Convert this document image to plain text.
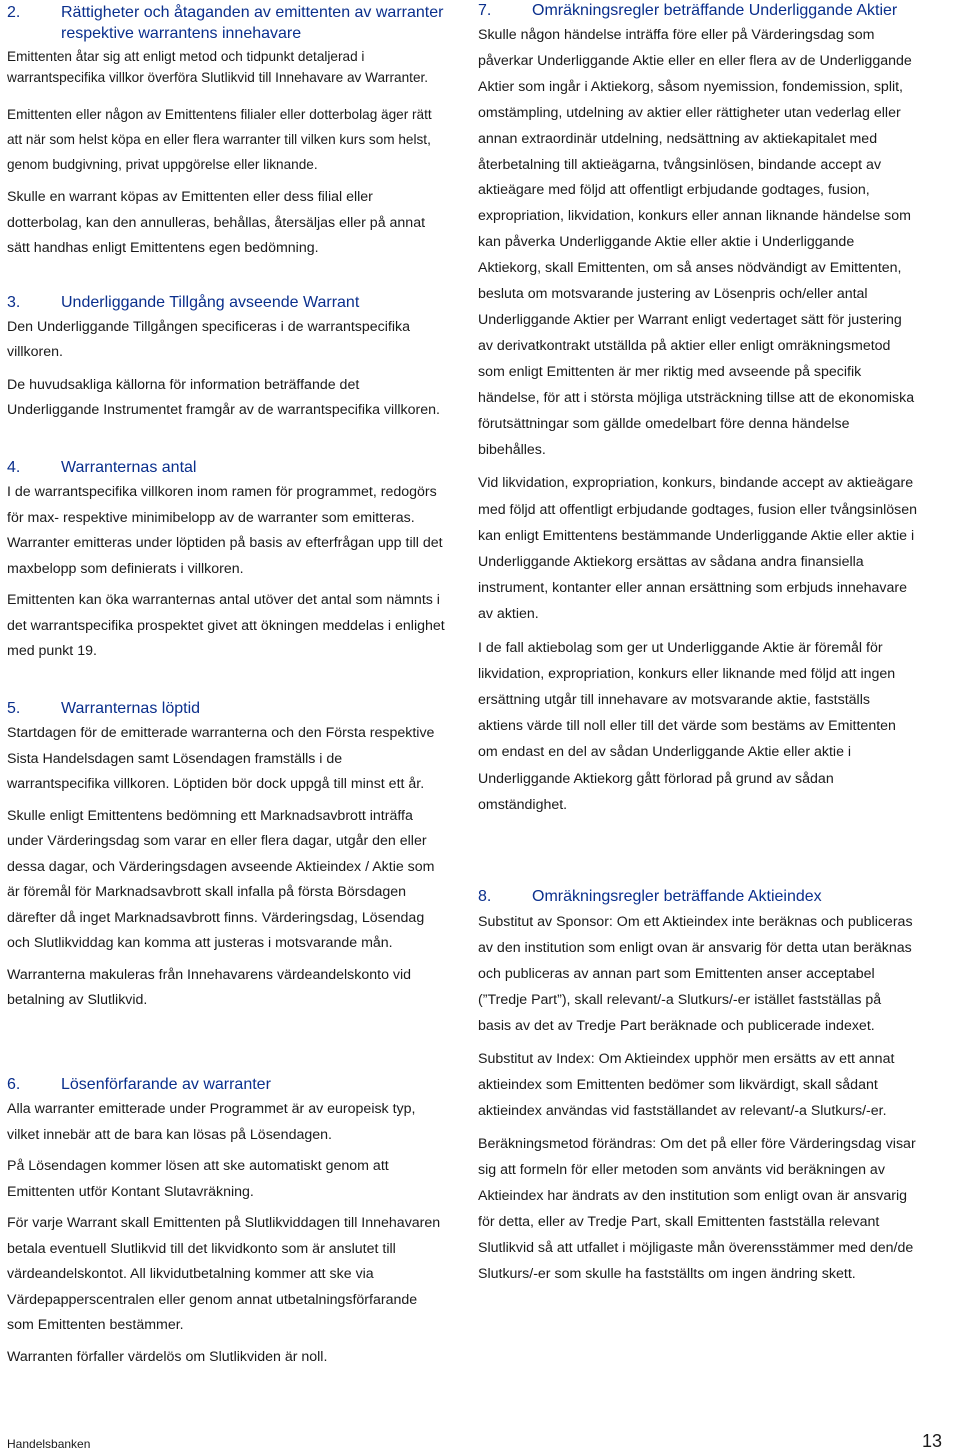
2.	Rättigheter och åtaganden av emittenten av warranter respektive warrantens innehavare

Emittenten åtar sig att enligt metod och tidpunkt detaljerad i warrantspecifika villkor överföra Slutlikvid till Innehavare av Warranter.

Emittenten eller någon av Emittentens filialer eller dotterbolag äger rätt att när som helst köpa en eller flera warranter till vilken kurs som helst, genom budgivning, privat uppgörelse eller liknande.

Skulle en warrant köpas av Emittenten eller dess filial eller dotterbolag, kan den annulleras, behållas, återsäljas eller på annat sätt handhas enligt Emittentens egen bedömning.

3.	Underliggande Tillgång avseende Warrant

Den Underliggande Tillgången specificeras i de warrantspecifika villkoren.

De huvudsakliga källorna för information beträffande det Underliggande Instrumentet framgår av de warrantspecifika villkoren.

4.	Warranternas antal

I de warrantspecifika villkoren inom ramen för programmet, redogörs för max- respektive minimibelopp av de warranter som emitteras. Warranter emitteras under löptiden på basis av efterfrågan upp till det maxbelopp som definierats i villkoren.

Emittenten kan öka warranternas antal utöver det antal som nämnts i det warrantspecifika prospektet givet att ökningen meddelas i enlighet med punkt 19.

5.	Warranternas löptid

Startdagen för de emitterade warranterna och den Första respektive Sista Handelsdagen samt Lösendagen framställs i de warrantspecifika villkoren. Löptiden bör dock uppgå till minst ett år.

Skulle enligt Emittentens bedömning ett Marknadsavbrott inträffa under Värderingsdag som varar en eller flera dagar, utgår den eller dessa dagar, och Värderingsdagen avseende Aktieindex / Aktie som är föremål för Marknadsavbrott skall infalla på första Börsdagen därefter då inget Marknadsavbrott finns. Värderingsdag, Lösendag och Slutlikviddag kan komma att justeras i motsvarande mån.

Warranterna makuleras från Innehavarens värdeandelskonto vid betalning av Slutlikvid.

6.	Lösenförfarande av warranter

Alla warranter emitterade under Programmet är av europeisk typ, vilket innebär att de bara kan lösas på Lösendagen.

På Lösendagen kommer lösen att ske automatiskt genom att Emittenten utför Kontant Slutavräkning.

För varje Warrant skall Emittenten på Slutlikviddagen till Innehavaren betala eventuell Slutlikvid till det likvidkonto som är anslutet till värdeandelskontot. All likvidutbetalning kommer att ske via Värdepapperscentralen eller genom annat utbetalningsförfarande som Emittenten bestämmer.

Warranten förfaller värdelös om Slutlikviden är noll.

7.	Omräkningsregler beträffande Underliggande Aktier

Skulle någon händelse inträffa före eller på Värderingsdag som påverkar Underliggande Aktie eller en eller flera av de Underliggande Aktier som ingår i Aktiekorg, såsom nyemission, fondemission, split, omstämpling, utdelning av aktier eller rättigheter utan vederlag eller annan extraordinär utdelning, nedsättning av aktiekapitalet med återbetalning till aktieägarna, tvångsinlösen, bindande accept av aktieägare med följd att offentligt erbjudande godtages, fusion, expropriation, likvidation, konkurs eller annan liknande händelse som kan påverka Underliggande Aktie eller aktie i Underliggande Aktiekorg, skall Emittenten, om så anses nödvändigt av Emittenten, besluta om motsvarande justering av Lösenpris och/eller antal Underliggande Aktier per Warrant enligt vedertaget sätt för justering av derivatkontrakt utställda på aktier eller enligt omräkningsmetod som enligt Emittenten är mer riktig med avseende på specifik händelse, för att i största möjliga utsträckning tillse att de ekonomiska förutsättningar som gällde omedelbart före denna händelse bibehålles.

Vid likvidation, expropriation, konkurs, bindande accept av aktieägare med följd att offentligt erbjudande godtages, fusion eller tvångsinlösen kan enligt Emittentens bestämmande Underliggande Aktie eller aktie i Underliggande Aktiekorg ersättas av sådana andra finansiella instrument, kontanter eller annan ersättning som erbjuds innehavare av aktien.

I de fall aktiebolag som ger ut Underliggande Aktie är föremål för likvidation, expropriation, konkurs eller liknande med följd att ingen ersättning utgår till innehavare av motsvarande aktie, fastställs aktiens värde till noll eller till det värde som bestäms av Emittenten om endast en del av sådan Underliggande Aktie eller aktie i Underliggande Aktiekorg gått förlorad på grund av sådan omständighet.

8.	Omräkningsregler beträffande Aktieindex

Substitut av Sponsor: Om ett Aktieindex inte beräknas och publiceras av den institution som enligt ovan är ansvarig för detta utan beräknas och publiceras av annan part som Emittenten anser acceptabel (”Tredje Part”), skall relevant/-a Slutkurs/-er istället fastställas på basis av det av Tredje Part beräknade och publicerade indexet.

Substitut av Index: Om Aktieindex upphör men ersätts av ett annat aktieindex som Emittenten bedömer som likvärdigt, skall sådant aktieindex användas vid fastställandet av relevant/-a Slutkurs/-er.

Beräkningsmetod förändras: Om det på eller före Värderingsdag visar sig att formeln för eller metoden som använts vid beräkningen av Aktieindex har ändrats av den institution som enligt ovan är ansvarig för detta, eller av Tredje Part, skall Emittenten fastställa relevant Slutlikvid så att utfallet i möjligaste mån överensstämmer med den/de Slutkurs/-er som skulle ha fastställts om ingen ändring skett.

Handelsbanken	13
